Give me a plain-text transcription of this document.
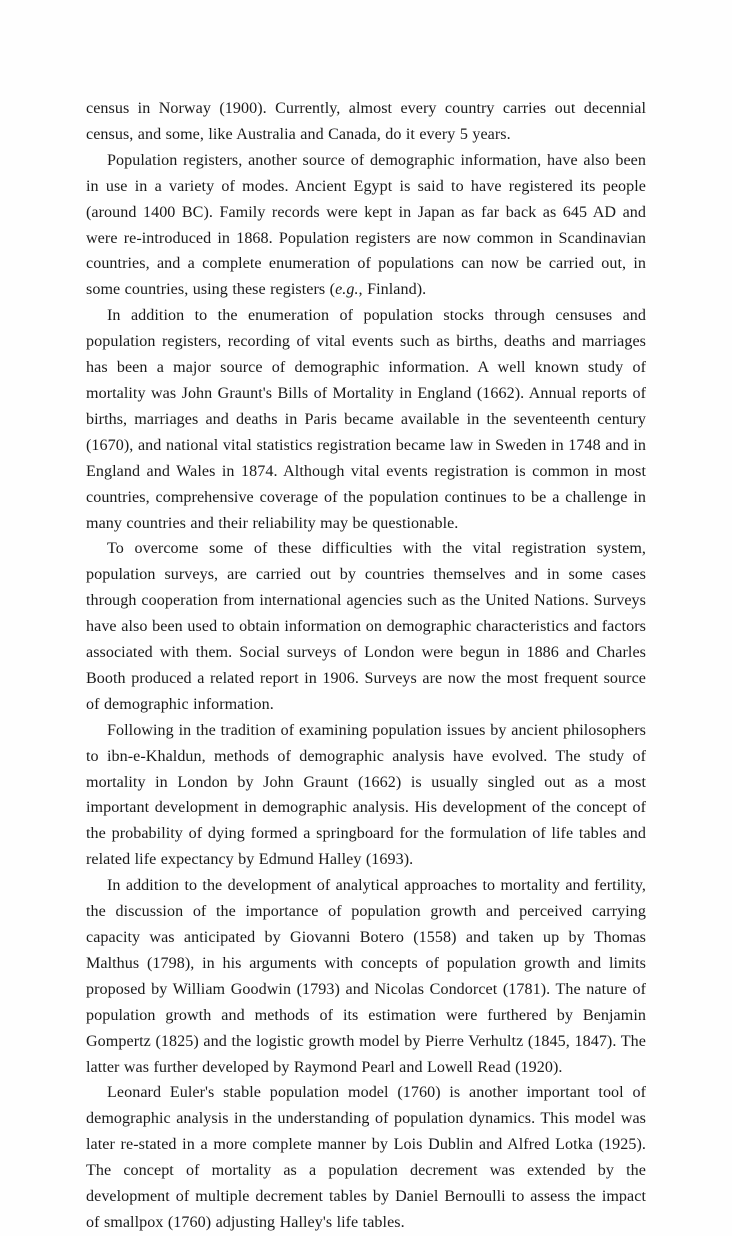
census in Norway (1900). Currently, almost every country carries out decennial census, and some, like Australia and Canada, do it every 5 years.

Population registers, another source of demographic information, have also been in use in a variety of modes. Ancient Egypt is said to have registered its people (around 1400 BC). Family records were kept in Japan as far back as 645 AD and were re-introduced in 1868. Population registers are now common in Scandinavian countries, and a complete enumeration of populations can now be carried out, in some countries, using these registers (e.g., Finland).

In addition to the enumeration of population stocks through censuses and population registers, recording of vital events such as births, deaths and marriages has been a major source of demographic information. A well known study of mortality was John Graunt's Bills of Mortality in England (1662). Annual reports of births, marriages and deaths in Paris became available in the seventeenth century (1670), and national vital statistics registration became law in Sweden in 1748 and in England and Wales in 1874. Although vital events registration is common in most countries, comprehensive coverage of the population continues to be a challenge in many countries and their reliability may be questionable.

To overcome some of these difficulties with the vital registration system, population surveys, are carried out by countries themselves and in some cases through cooperation from international agencies such as the United Nations. Surveys have also been used to obtain information on demographic characteristics and factors associated with them. Social surveys of London were begun in 1886 and Charles Booth produced a related report in 1906. Surveys are now the most frequent source of demographic information.

Following in the tradition of examining population issues by ancient philosophers to ibn-e-Khaldun, methods of demographic analysis have evolved. The study of mortality in London by John Graunt (1662) is usually singled out as a most important development in demographic analysis. His development of the concept of the probability of dying formed a springboard for the formulation of life tables and related life expectancy by Edmund Halley (1693).

In addition to the development of analytical approaches to mortality and fertility, the discussion of the importance of population growth and perceived carrying capacity was anticipated by Giovanni Botero (1558) and taken up by Thomas Malthus (1798), in his arguments with concepts of population growth and limits proposed by William Goodwin (1793) and Nicolas Condorcet (1781). The nature of population growth and methods of its estimation were furthered by Benjamin Gompertz (1825) and the logistic growth model by Pierre Verhultz (1845, 1847). The latter was further developed by Raymond Pearl and Lowell Read (1920).

Leonard Euler's stable population model (1760) is another important tool of demographic analysis in the understanding of population dynamics. This model was later re-stated in a more complete manner by Lois Dublin and Alfred Lotka (1925). The concept of mortality as a population decrement was extended by the development of multiple decrement tables by Daniel Bernoulli to assess the impact of smallpox (1760) adjusting Halley's life tables.
